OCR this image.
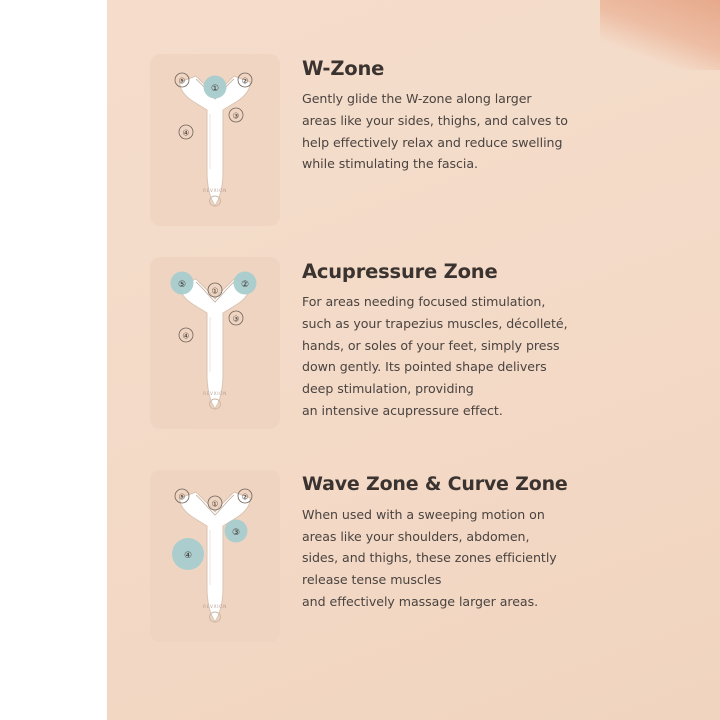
①
②
③
④
⑤
REVXION
W-Zone

Gently glide the W-zone along larger
areas like your sides, thighs, and calves to
help effectively relax and reduce swelling
while stimulating the fascia.

②
⑤
①
③
④
REVXION
Acupressure Zone

For areas needing focused stimulation,
such as your trapezius muscles, décolleté,
hands, or soles of your feet, simply press
down gently. Its pointed shape delivers
deep stimulation, providing
an intensive acupressure effect.

③
④
①
②
⑤
REVXION
Wave Zone & Curve Zone

When used with a sweeping motion on
areas like your shoulders, abdomen,
sides, and thighs, these zones efficiently
release tense muscles
and effectively massage larger areas.
